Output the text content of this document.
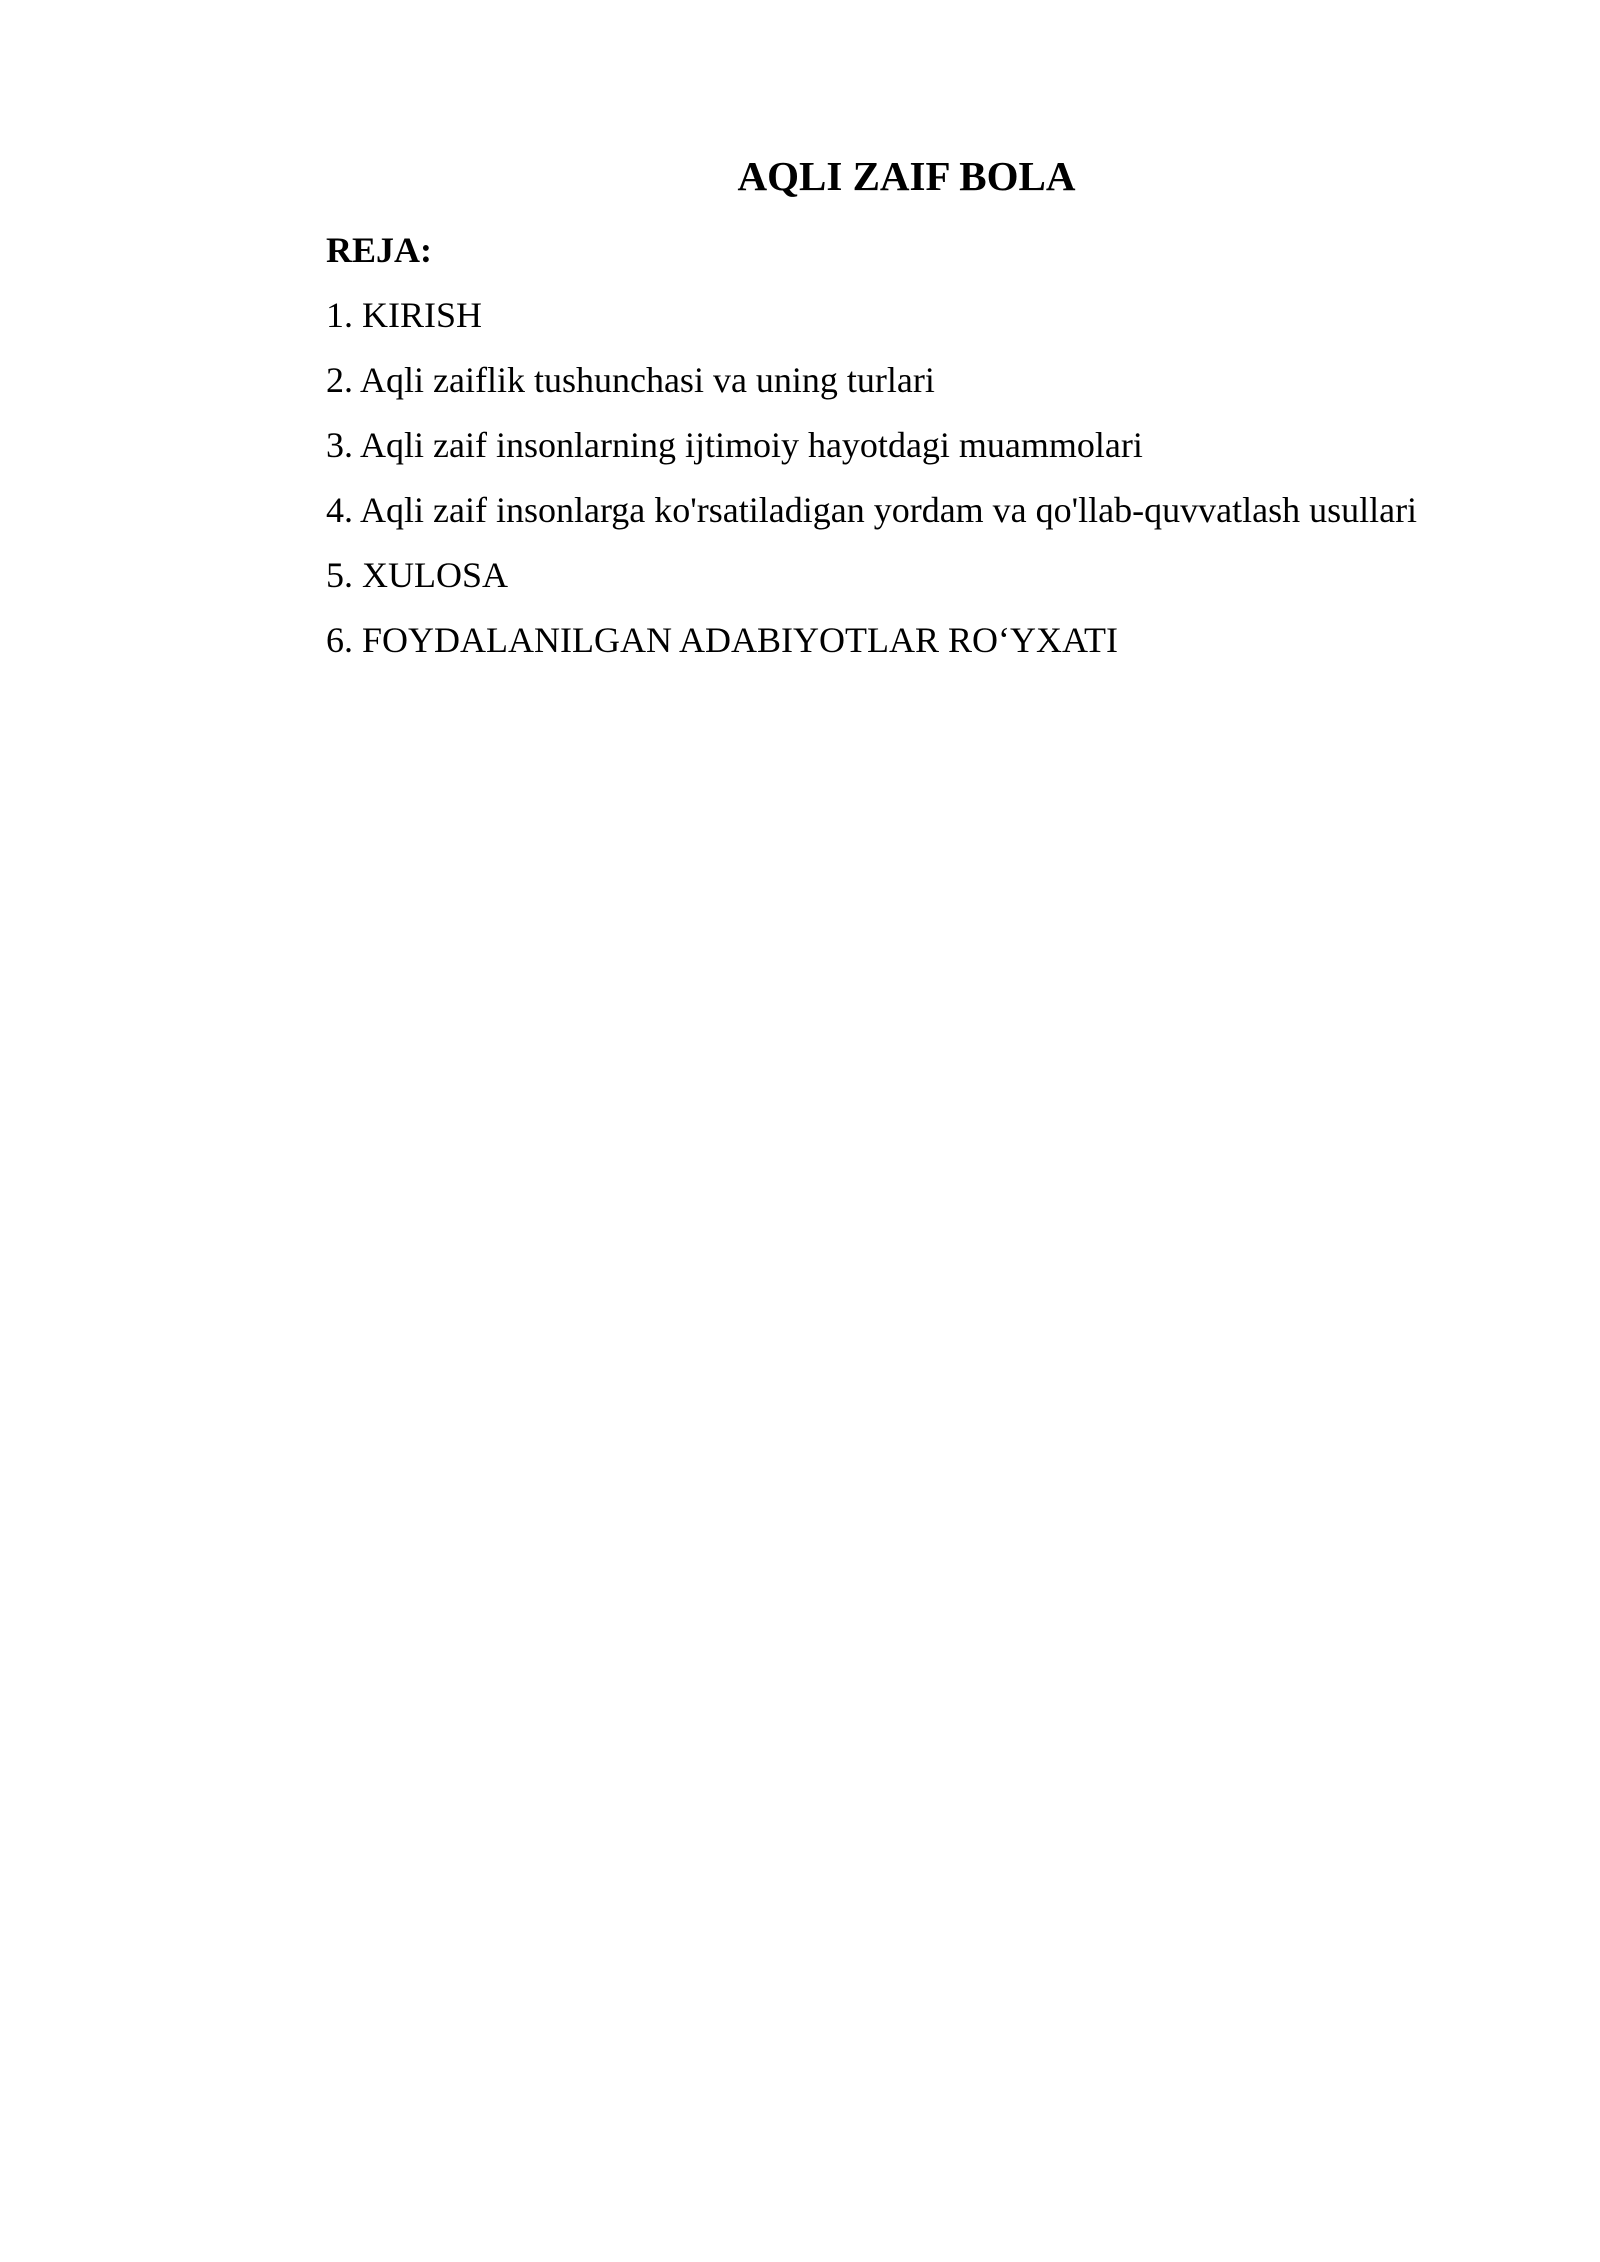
AQLI ZAIF BOLA

REJA:

1. KIRISH
2. Aqli zaiflik tushunchasi va uning turlari
3. Aqli zaif insonlarning ijtimoiy hayotdagi muammolari
4. Aqli zaif insonlarga ko'rsatiladigan yordam va qo'llab-quvvatlash usullari
5. XULOSA
6. FOYDALANILGAN ADABIYOTLAR RO‘YXATI
